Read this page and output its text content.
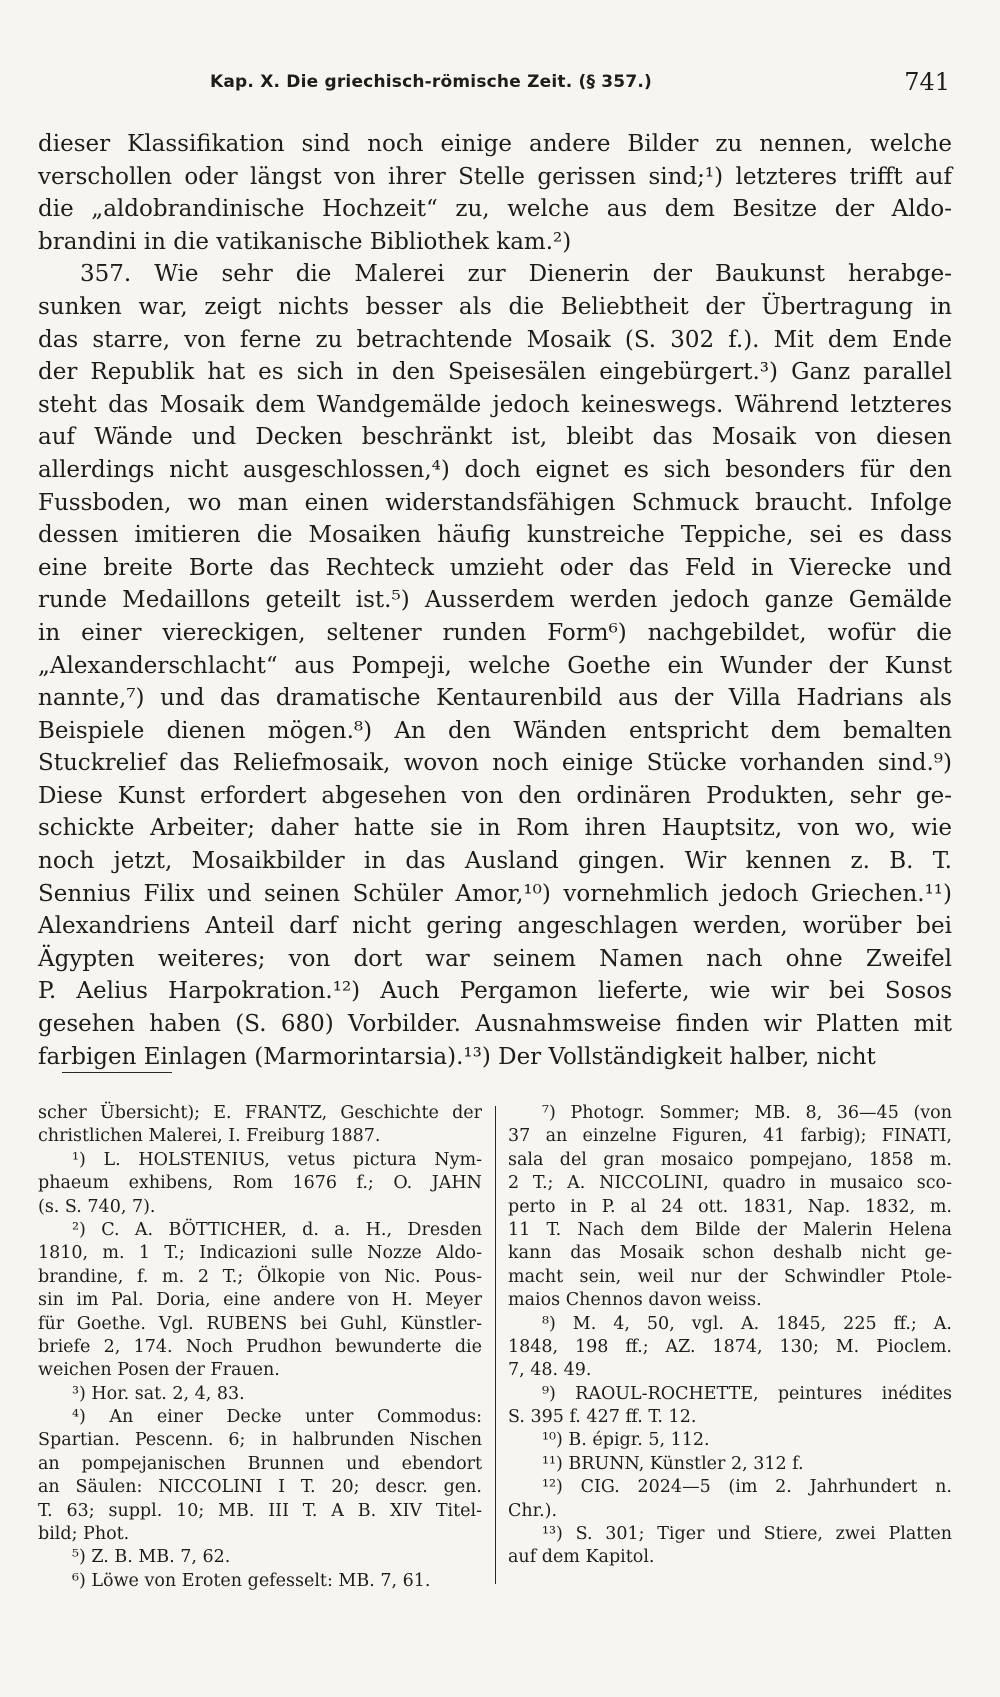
Kap. X. Die griechisch-römische Zeit. (§ 357.)	741
dieser Klassifikation sind noch einige andere Bilder zu nennen, welche
verschollen oder längst von ihrer Stelle gerissen sind;¹) letzteres trifft auf
die „aldobrandinische Hochzeit“ zu, welche aus dem Besitze der Aldo-
brandini in die vatikanische Bibliothek kam.²)
357. Wie sehr die Malerei zur Dienerin der Baukunst herabge-
sunken war, zeigt nichts besser als die Beliebtheit der Übertragung in
das starre, von ferne zu betrachtende Mosaik (S. 302 f.). Mit dem Ende
der Republik hat es sich in den Speisesälen eingebürgert.³) Ganz parallel
steht das Mosaik dem Wandgemälde jedoch keineswegs. Während letzteres
auf Wände und Decken beschränkt ist, bleibt das Mosaik von diesen
allerdings nicht ausgeschlossen,⁴) doch eignet es sich besonders für den
Fussboden, wo man einen widerstandsfähigen Schmuck braucht. Infolge
dessen imitieren die Mosaiken häufig kunstreiche Teppiche, sei es dass
eine breite Borte das Rechteck umzieht oder das Feld in Vierecke und
runde Medaillons geteilt ist.⁵) Ausserdem werden jedoch ganze Gemälde
in einer viereckigen, seltener runden Form⁶) nachgebildet, wofür die
„Alexanderschlacht“ aus Pompeji, welche Goethe ein Wunder der Kunst
nannte,⁷) und das dramatische Kentaurenbild aus der Villa Hadrians als
Beispiele dienen mögen.⁸) An den Wänden entspricht dem bemalten
Stuckrelief das Reliefmosaik, wovon noch einige Stücke vorhanden sind.⁹)
Diese Kunst erfordert abgesehen von den ordinären Produkten, sehr ge-
schickte Arbeiter; daher hatte sie in Rom ihren Hauptsitz, von wo, wie
noch jetzt, Mosaikbilder in das Ausland gingen. Wir kennen z. B. T.
Sennius Filix und seinen Schüler Amor,¹⁰) vornehmlich jedoch Griechen.¹¹)
Alexandriens Anteil darf nicht gering angeschlagen werden, worüber bei
Ägypten weiteres; von dort war seinem Namen nach ohne Zweifel
P. Aelius Harpokration.¹²) Auch Pergamon lieferte, wie wir bei Sosos
gesehen haben (S. 680) Vorbilder. Ausnahmsweise finden wir Platten mit
farbigen Einlagen (Marmorintarsia).¹³) Der Vollständigkeit halber, nicht
scher Übersicht); E. FRANTZ, Geschichte der
christlichen Malerei, I. Freiburg 1887.
¹) L. HOLSTENIUS, vetus pictura Nym-
phaeum exhibens, Rom 1676 f.; O. JAHN
(s. S. 740, 7).
²) C. A. BÖTTICHER, d. a. H., Dresden
1810, m. 1 T.; Indicazioni sulle Nozze Aldo-
brandine, f. m. 2 T.; Ölkopie von Nic. Pous-
sin im Pal. Doria, eine andere von H. Meyer
für Goethe. Vgl. RUBENS bei Guhl, Künstler-
briefe 2, 174. Noch Prudhon bewunderte die
weichen Posen der Frauen.
³) Hor. sat. 2, 4, 83.
⁴) An einer Decke unter Commodus:
Spartian. Pescenn. 6; in halbrunden Nischen
an pompejanischen Brunnen und ebendort
an Säulen: NICCOLINI I T. 20; descr. gen.
T. 63; suppl. 10; MB. III T. A B. XIV Titel-
bild; Phot.
⁵) Z. B. MB. 7, 62.
⁶) Löwe von Eroten gefesselt: MB. 7, 61.
⁷) Photogr. Sommer; MB. 8, 36—45 (von
37 an einzelne Figuren, 41 farbig); FINATI,
sala del gran mosaico pompejano, 1858 m.
2 T.; A. NICCOLINI, quadro in musaico sco-
perto in P. al 24 ott. 1831, Nap. 1832, m.
11 T. Nach dem Bilde der Malerin Helena
kann das Mosaik schon deshalb nicht ge-
macht sein, weil nur der Schwindler Ptole-
maios Chennos davon weiss.
⁸) M. 4, 50, vgl. A. 1845, 225 ff.; A.
1848, 198 ff.; AZ. 1874, 130; M. Pioclem.
7, 48. 49.
⁹) RAOUL-ROCHETTE, peintures inédites
S. 395 f. 427 ff. T. 12.
¹⁰) B. épigr. 5, 112.
¹¹) BRUNN, Künstler 2, 312 f.
¹²) CIG. 2024—5 (im 2. Jahrhundert n.
Chr.).
¹³) S. 301; Tiger und Stiere, zwei Platten
auf dem Kapitol.
